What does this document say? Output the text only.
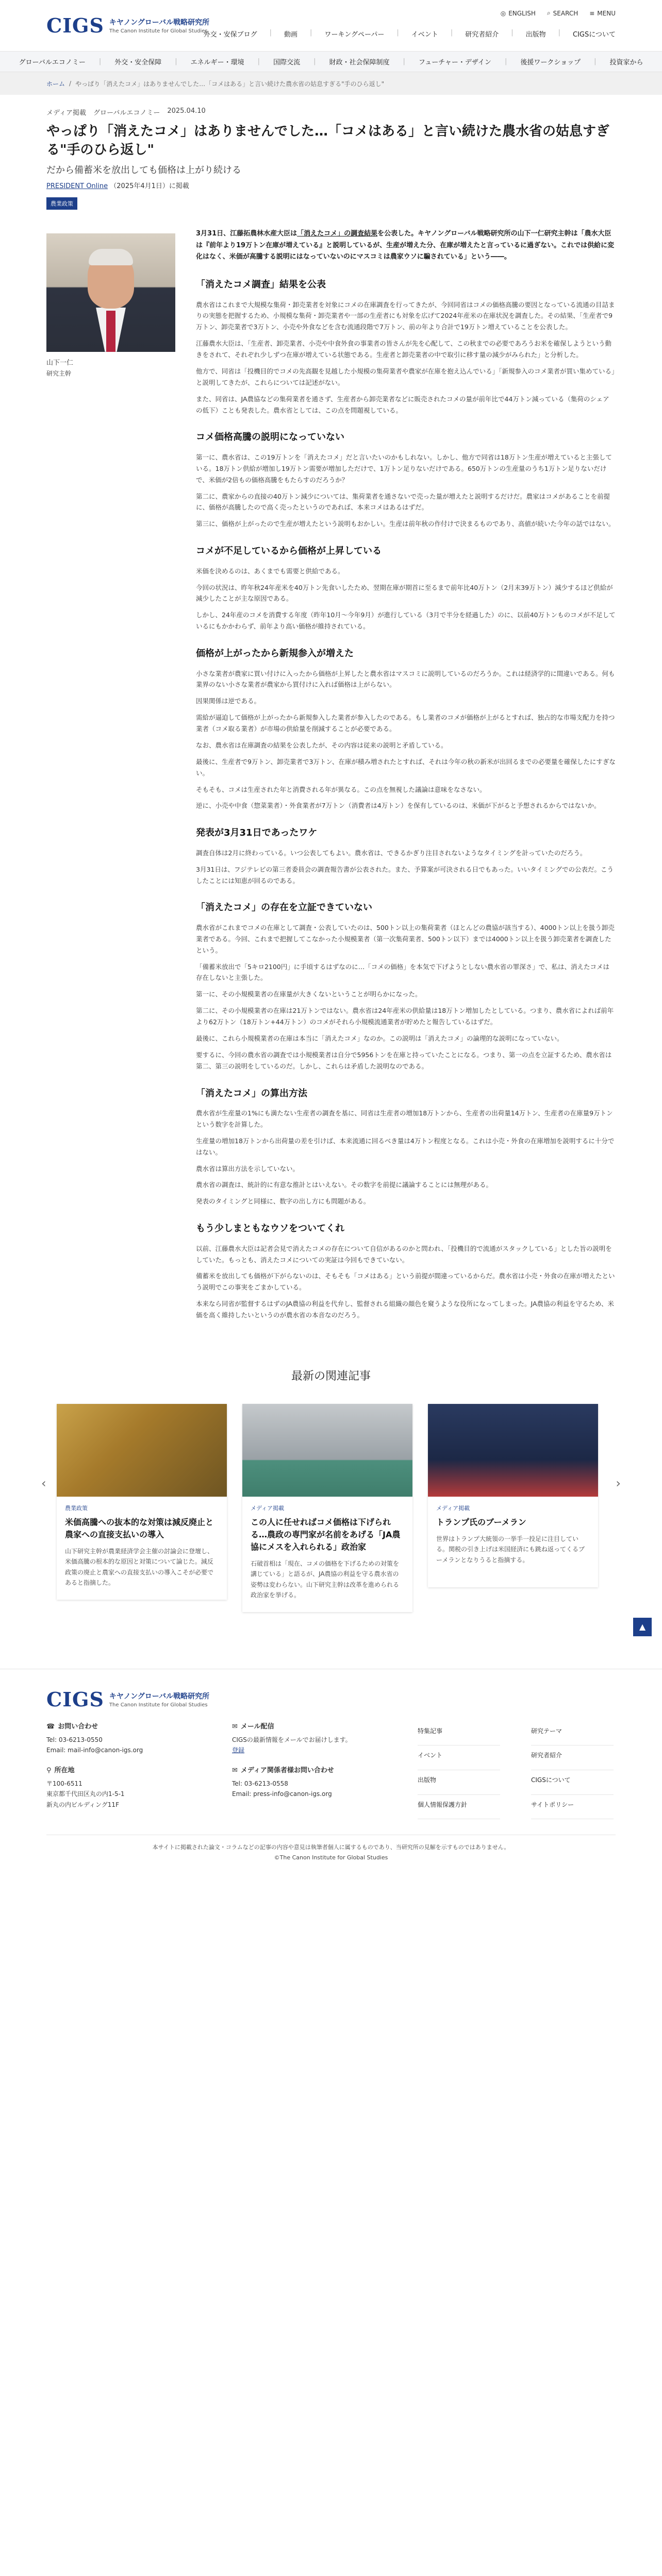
CIGS キヤノングローバル戦略研究所
The Canon Institute for Global Studies
◎ ENGLISH ⌕ SEARCH ≡ MENU
外交・安保ブログ | 動画 | ワーキングペーパー | イベント | 研究者紹介 | 出版物 | CIGSについて
グローバルエコノミー | 外交・安全保障 | エネルギー・環境 | 国際交流 | 財政・社会保障制度 | フューチャー・デザイン | 後援ワークショップ | 投資家から
ホーム / やっぱり「消えたコメ」はありませんでした…「コメはある」と言い続けた農水省の姑息すぎる"手のひら返し"
メディア掲載 グローバルエコノミー 2025.04.10
やっぱり「消えたコメ」はありませんでした…「コメはある」と言い続けた農水省の姑息すぎる"手のひら返し"
だから備蓄米を放出しても価格は上がり続ける
PRESIDENT Online （2025年4月1日）に掲載
農業政策
山下一仁
研究主幹

3月31日、江藤拓農林水産大臣は「消えたコメ」の調査結果を公表した。キヤノングローバル戦略研究所の山下一仁研究主幹は「農水大臣は『前年より19万トン在庫が増えている』と説明しているが、生産が増えた分、在庫が増えたと言っているに過ぎない。これでは供給に変化はなく、米価が高騰する説明にはなっていないのにマスコミは農家ウソに騙されている」という――。

「消えたコメ調査」結果を公表

農水省はこれまで大規模な集荷・卸売業者を対象にコメの在庫調査を行ってきたが、今回同省はコメの価格高騰の要因となっている流通の目詰まりの実態を把握するため、小規模な集荷・卸売業者や一部の生産者にも対象を広げて2024年産米の在庫状況を調査した。その結果、「生産者で9万トン、卸売業者で3万トン、小売や外食などを含む流通段階で7万トン、前の年より合計で19万トン増えていることを公表した。

江藤農水大臣は、「生産者、卸売業者、小売や中食外食の事業者の皆さんが先を心配して、この秋までの必要であろうお米を確保しようという動きをされて、それぞれ少しずつ在庫が増えている状態である。生産者と卸売業者の中で取引に移す量の減少がみられた」と分析した。

他方で、同省は「投機目的でコメの先高観を見越した小規模の集荷業者や農家が在庫を抱え込んでいる」「新規参入のコメ業者が買い集めている」と説明してきたが、これらについては記述がない。

また、同省は、JA農協などの集荷業者を通さず、生産者から卸売業者などに販売されたコメの量が前年比で44万トン減っている（集荷のシェアの低下）ことも発表した。農水省としては、この点を問題視している。

コメ価格高騰の説明になっていない

第一に、農水省は、この19万トンを「消えたコメ」だと言いたいのかもしれない。しかし、他方で同省は18万トン生産が増えていると主張している。18万トン供給が増加し19万トン需要が増加しただけで、1万トン足りないだけである。650万トンの生産量のうち1万トン足りないだけで、米価が2倍もの価格高騰をもたらすのだろうか？

第二に、農家からの直接の40万トン減少については、集荷業者を通さないで売った量が増えたと説明するだけだ。農家はコメがあることを前提に、価格が高騰したので高く売ったというのであれば、本来コメはあるはずだ。

第三に、価格が上がったので生産が増えたという説明もおかしい。生産は前年秋の作付けで決まるものであり、高値が続いた今年の話ではない。

コメが不足しているから価格が上昇している

米価を決めるのは、あくまでも需要と供給である。

今回の状況は、昨年秋24年産米を40万トン先食いしたため、翌期在庫が期首に至るまで前年比40万トン（2月末39万トン）減少するほど供給が減少したことが主な原因である。

しかし、24年産のコメを消費する年度（昨年10月～今年9月）が進行している（3月で半分を経過した）のに、以前40万トンものコメが不足しているにもかかわらず、前年より高い価格が維持されている。

価格が上がったから新規参入が増えた

小さな業者が農家に買い付けに入ったから価格が上昇したと農水省はマスコミに説明しているのだろうか。これは経済学的に間違いである。何も業界のない小さな業者が農家から買付けに入れば価格は上がらない。

因果関係は逆である。

需給が逼迫して価格が上がったから新規参入した業者が参入したのである。もし業者のコメが価格が上がるとすれば、独占的な市場支配力を持つ業者（コメ取る業者）が市場の供給量を削減することが必要である。

なお、農水省は在庫調査の結果を公表したが、その内容は従来の説明と矛盾している。

最後に、生産者で9万トン、卸売業者で3万トン、在庫が積み増されたとすれば、それは今年の秋の新米が出回るまでの必要量を確保したにすぎない。

そもそも、コメは生産された年と消費される年が異なる。この点を無視した議論は意味をなさない。

逆に、小売や中食（惣菜業者）・外食業者が7万トン（消費者は4万トン）を保有しているのは、米価が下がると予想されるからではないか。

発表が3月31日であったワケ

調査自体は2月に終わっている。いつ公表してもよい。農水省は、できるかぎり注目されないようなタイミングを計っていたのだろう。

3月31日は、フジテレビの第三者委員会の調査報告書が公表された。また、予算案が可決される日でもあった。いいタイミングでの公表だ。こうしたことには知恵が回るのである。

「消えたコメ」の存在を立証できていない

農水省がこれまでコメの在庫として調査・公表していたのは、500トン以上の集荷業者（ほとんどの農協が該当する）、4000トン以上を扱う卸売業者である。今回、これまで把握してこなかった小規模業者（第一次集荷業者、500トン以下）までは4000トン以上を扱う卸売業者を調査したという。

「備蓄米放出で「5キロ2100円」に手頃するはずなのに…「コメの価格」を本気で下げようとしない農水省の罪深さ」で、私は、消えたコメは存在しないと主張した。

第一に、その小規模業者の在庫量が大きくないということが明らかになった。

第二に、その小規模業者の在庫は21万トンではない。農水省は24年産米の供給量は18万トン増加したとしている。つまり、農水省によれば前年より62万トン（18万トン+44万トン）のコメがそれら小規模流通業者が貯めたと報告しているはずだ。

最後に、これら小規模業者の在庫は本当に「消えたコメ」なのか。この説明は「消えたコメ」の論理的な説明になっていない。

要するに、今回の農水省の調査では小規模業者は自分で5956トンを在庫と持っていたことになる。つまり、第一の点を立証するため、農水省は第二、第三の説明をしているのだ。しかし、これらは矛盾した説明なのである。

「消えたコメ」の算出方法

農水省が生産量の1%にも満たない生産者の調査を基に、同省は生産者の増加18万トンから、生産者の出荷量14万トン、生産者の在庫量9万トンという数字を計算した。

生産量の増加18万トンから出荷量の差を引けば、本来流通に回るべき量は4万トン程度となる。これは小売・外食の在庫増加を説明するに十分ではない。

農水省は算出方法を示していない。

農水省の調査は、統計的に有意な推計とはいえない。その数字を前提に議論することには無理がある。

発表のタイミングと同様に、数字の出し方にも問題がある。

もう少しまともなウソをついてくれ

以前、江藤農水大臣は記者会見で消えたコメの存在について自信があるのかと問われ、「投機目的で流通がスタックしている」とした旨の説明をしていた。もっとも、消えたコメについての実証は今回もできていない。

備蓄米を放出しても価格が下がらないのは、そもそも「コメはある」という前提が間違っているからだ。農水省は小売・外食の在庫が増えたという説明でこの事実をごまかしている。

本来なら同省が監督するはずのJA農協の利益を代弁し、監督される組織の顔色を窺うような役所になってしまった。JA農協の利益を守るため、米価を高く維持したいというのが農水省の本音なのだろう。

最新の関連記事
‹
農業政策
米価高騰への抜本的な対策は減反廃止と農家への直接支払いの導入
山下研究主幹が農業経済学会主催の討論会に登壇し、米価高騰の根本的な原因と対策について論じた。減反政策の廃止と農家への直接支払いの導入こそが必要であると指摘した。
メディア掲載
この人に任せればコメ価格は下げられる…農政の専門家が名前をあげる「JA農協にメスを入れられる」政治家
石破首相は「現在、コメの価格を下げるための対策を講じている」と語るが、JA農協の利益を守る農水省の姿勢は変わらない。山下研究主幹は改革を進められる政治家を挙げる。
メディア掲載
トランプ氏のブーメラン
世界はトランプ大統領の一挙手一投足に注目している。関税の引き上げは米国経済にも跳ね返ってくるブーメランとなりうると指摘する。
›
▲
CIGS キヤノングローバル戦略研究所
The Canon Institute for Global Studies
☎ お問い合わせ
Tel: 03-6213-0550
Email: mail-info@canon-igs.org
⚲ 所在地
〒100-6511
東京都千代田区丸の内1-5-1
新丸の内ビルディング11F
✉ メール配信
CIGSの最新情報をメールでお届けします。
登録
✉ メディア関係者様お問い合わせ
Tel: 03-6213-0558
Email: press-info@canon-igs.org
特集記事	研究テーマ
イベント	研究者紹介
出版物	CIGSについて
個人情報保護方針	サイトポリシー
本サイトに掲載された論文・コラムなどの記事の内容や意見は執筆者個人に属するものであり、当研究所の見解を示すものではありません。
©The Canon Institute for Global Studies
